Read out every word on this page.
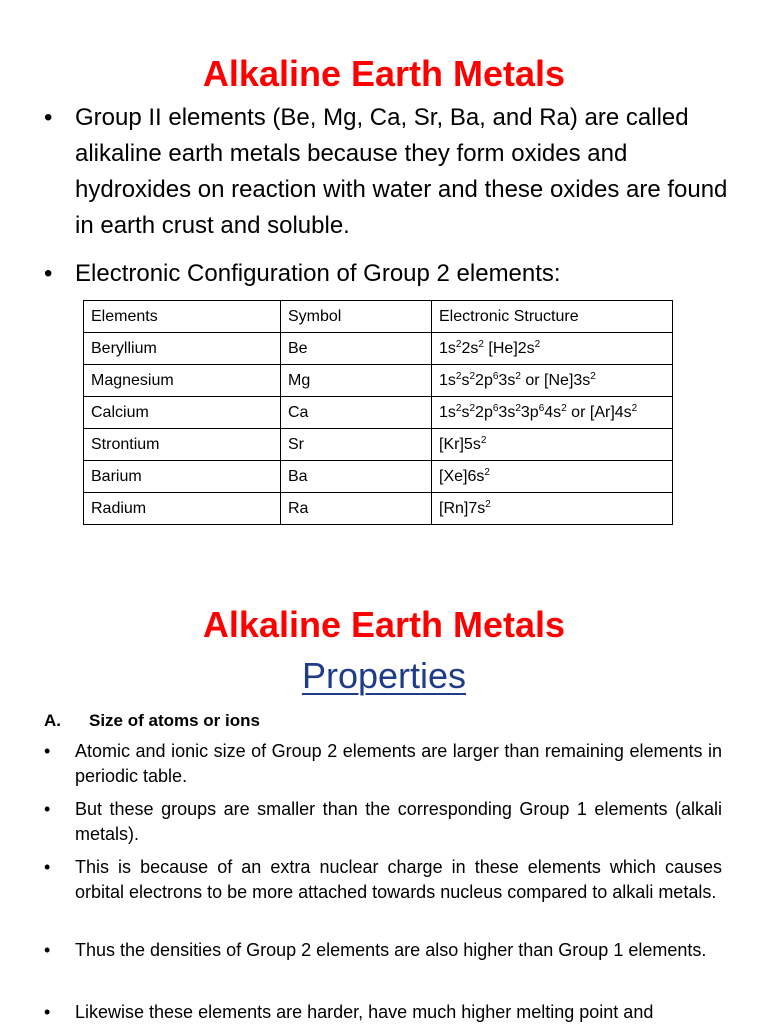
Alkaline Earth Metals
• Group II elements (Be, Mg, Ca, Sr, Ba, and Ra) are called alikaline earth metals because they form oxides and hydroxides on reaction with water and these oxides are found in earth crust and soluble.
• Electronic Configuration of Group 2 elements:
Elements	Symbol	Electronic Structure
Beryllium	Be	$1s^22s^2$ $[He]2s^2$
Magnesium	Mg	$1s^2s^22p^63s^2$ or $[Ne]3s^2$
Calcium	Ca	$1s^2s^22p^63s^23p^64s^2$ or $[Ar]4s^2$
Strontium	Sr	$[Kr]5s^2$
Barium	Ba	$[Xe]6s^2$
Radium	Ra	$[Rn]7s^2$
Alkaline Earth Metals
Properties
A. Size of atoms or ions
• Atomic and ionic size of Group 2 elements are larger than remaining elements in periodic table.
• But these groups are smaller than the corresponding Group 1 elements (alkali metals).
• This is because of an extra nuclear charge in these elements which causes orbital electrons to be more attached towards nucleus compared to alkali metals.
• Thus the densities of Group 2 elements are also higher than Group 1 elements.
• Likewise these elements are harder, have much higher melting point and
